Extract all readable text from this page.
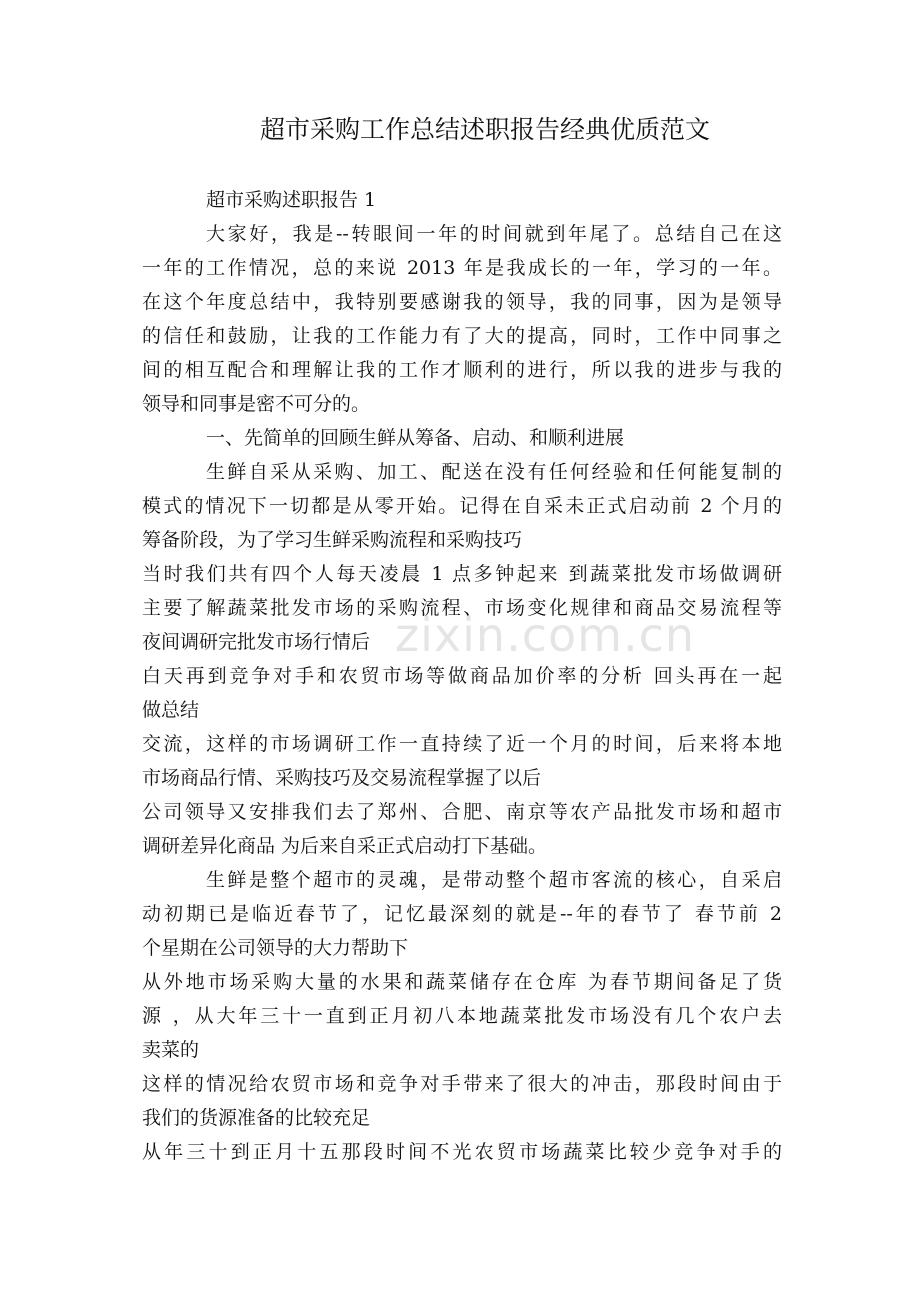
超市采购工作总结述职报告经典优质范文
超市采购述职报告 1
大家好，我是--转眼间一年的时间就到年尾了。总结自己在这
一年的工作情况，总的来说 2013 年是我成长的一年，学习的一年。
在这个年度总结中，我特别要感谢我的领导，我的同事，因为是领导
的信任和鼓励，让我的工作能力有了大的提高，同时，工作中同事之
间的相互配合和理解让我的工作才顺利的进行，所以我的进步与我的
领导和同事是密不可分的。
一、先简单的回顾生鲜从筹备、启动、和顺利进展
生鲜自采从采购、加工、配送在没有任何经验和任何能复制的
模式的情况下一切都是从零开始。记得在自采未正式启动前 2 个月的
筹备阶段，为了学习生鲜采购流程和采购技巧
当时我们共有四个人每天凌晨 1 点多钟起来 到蔬菜批发市场做调研
主要了解蔬菜批发市场的采购流程、市场变化规律和商品交易流程等
夜间调研完批发市场行情后
白天再到竞争对手和农贸市场等做商品加价率的分析 回头再在一起
做总结
交流，这样的市场调研工作一直持续了近一个月的时间，后来将本地
市场商品行情、采购技巧及交易流程掌握了以后
公司领导又安排我们去了郑州、合肥、南京等农产品批发市场和超市
调研差异化商品 为后来自采正式启动打下基础。
生鲜是整个超市的灵魂，是带动整个超市客流的核心，自采启
动初期已是临近春节了，记忆最深刻的就是--年的春节了 春节前 2
个星期在公司领导的大力帮助下
从外地市场采购大量的水果和蔬菜储存在仓库 为春节期间备足了货
源 ，从大年三十一直到正月初八本地蔬菜批发市场没有几个农户去
卖菜的
这样的情况给农贸市场和竞争对手带来了很大的冲击，那段时间由于
我们的货源准备的比较充足
从年三十到正月十五那段时间不光农贸市场蔬菜比较少竞争对手的
zixin.com.cn
